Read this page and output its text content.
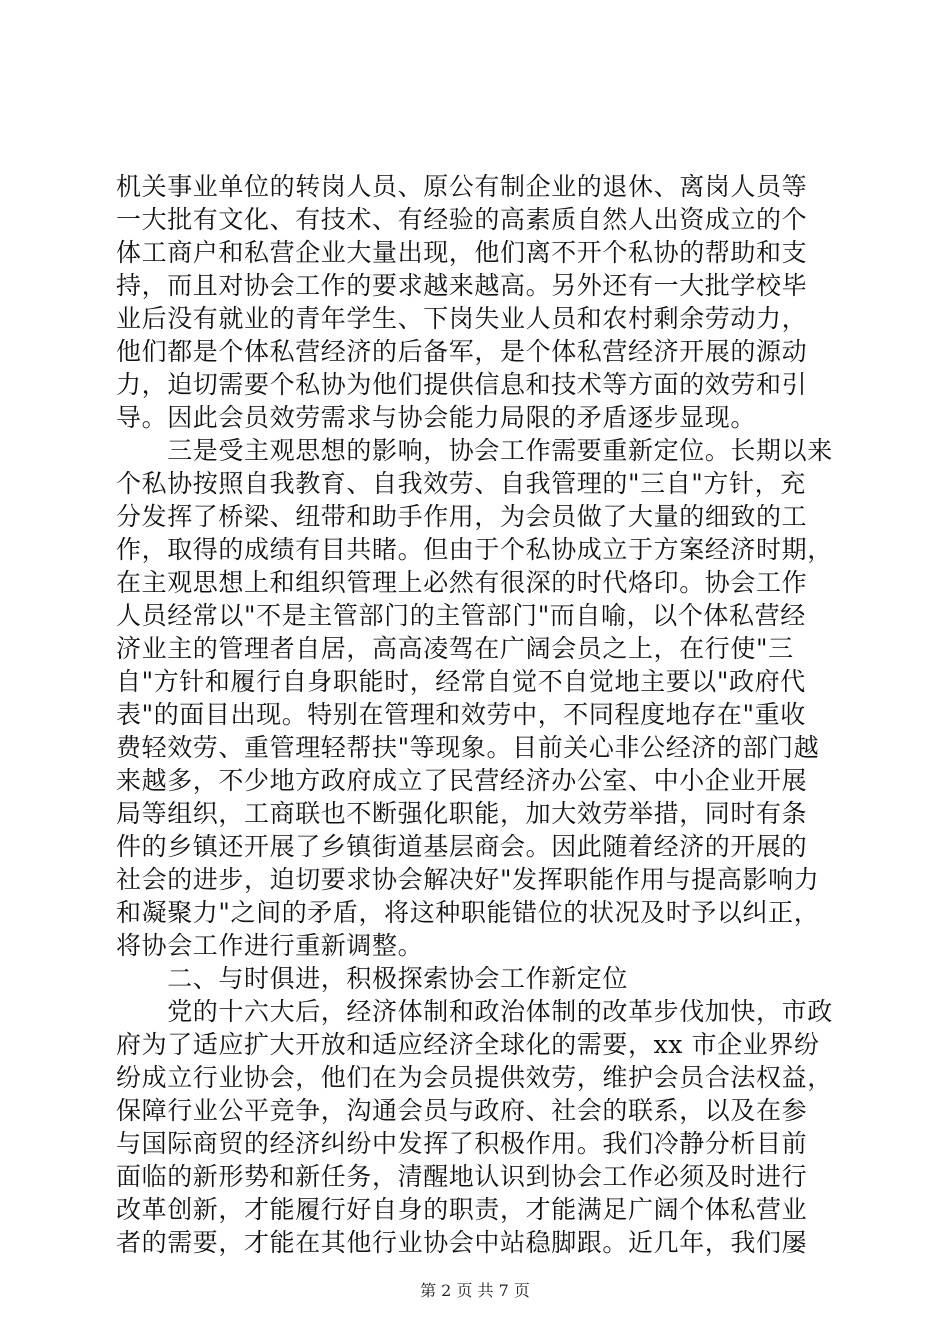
机关事业单位的转岗人员、原公有制企业的退休、离岗人员等
一大批有文化、有技术、有经验的高素质自然人出资成立的个
体工商户和私营企业大量出现，他们离不开个私协的帮助和支
持，而且对协会工作的要求越来越高。另外还有一大批学校毕
业后没有就业的青年学生、下岗失业人员和农村剩余劳动力，
他们都是个体私营经济的后备军，是个体私营经济开展的源动
力，迫切需要个私协为他们提供信息和技术等方面的效劳和引
导。因此会员效劳需求与协会能力局限的矛盾逐步显现。
　　三是受主观思想的影响，协会工作需要重新定位。长期以来
个私协按照自我教育、自我效劳、自我管理的"三自"方针，充
分发挥了桥梁、纽带和助手作用，为会员做了大量的细致的工
作，取得的成绩有目共睹。但由于个私协成立于方案经济时期，
在主观思想上和组织管理上必然有很深的时代烙印。协会工作
人员经常以"不是主管部门的主管部门"而自喻，以个体私营经
济业主的管理者自居，高高凌驾在广阔会员之上，在行使"三
自"方针和履行自身职能时，经常自觉不自觉地主要以"政府代
表"的面目出现。特别在管理和效劳中，不同程度地存在"重收
费轻效劳、重管理轻帮扶"等现象。目前关心非公经济的部门越
来越多，不少地方政府成立了民营经济办公室、中小企业开展
局等组织，工商联也不断强化职能，加大效劳举措，同时有条
件的乡镇还开展了乡镇街道基层商会。因此随着经济的开展的
社会的进步，迫切要求协会解决好"发挥职能作用与提高影响力
和凝聚力"之间的矛盾，将这种职能错位的状况及时予以纠正，
将协会工作进行重新调整。
　　二、与时俱进，积极探索协会工作新定位
　　党的十六大后，经济体制和政治体制的改革步伐加快，市政
府为了适应扩大开放和适应经济全球化的需要，xx 市企业界纷
纷成立行业协会，他们在为会员提供效劳，维护会员合法权益，
保障行业公平竞争，沟通会员与政府、社会的联系，以及在参
与国际商贸的经济纠纷中发挥了积极作用。我们冷静分析目前
面临的新形势和新任务，清醒地认识到协会工作必须及时进行
改革创新，才能履行好自身的职责，才能满足广阔个体私营业
者的需要，才能在其他行业协会中站稳脚跟。近几年，我们屡
第 2 页 共 7 页
